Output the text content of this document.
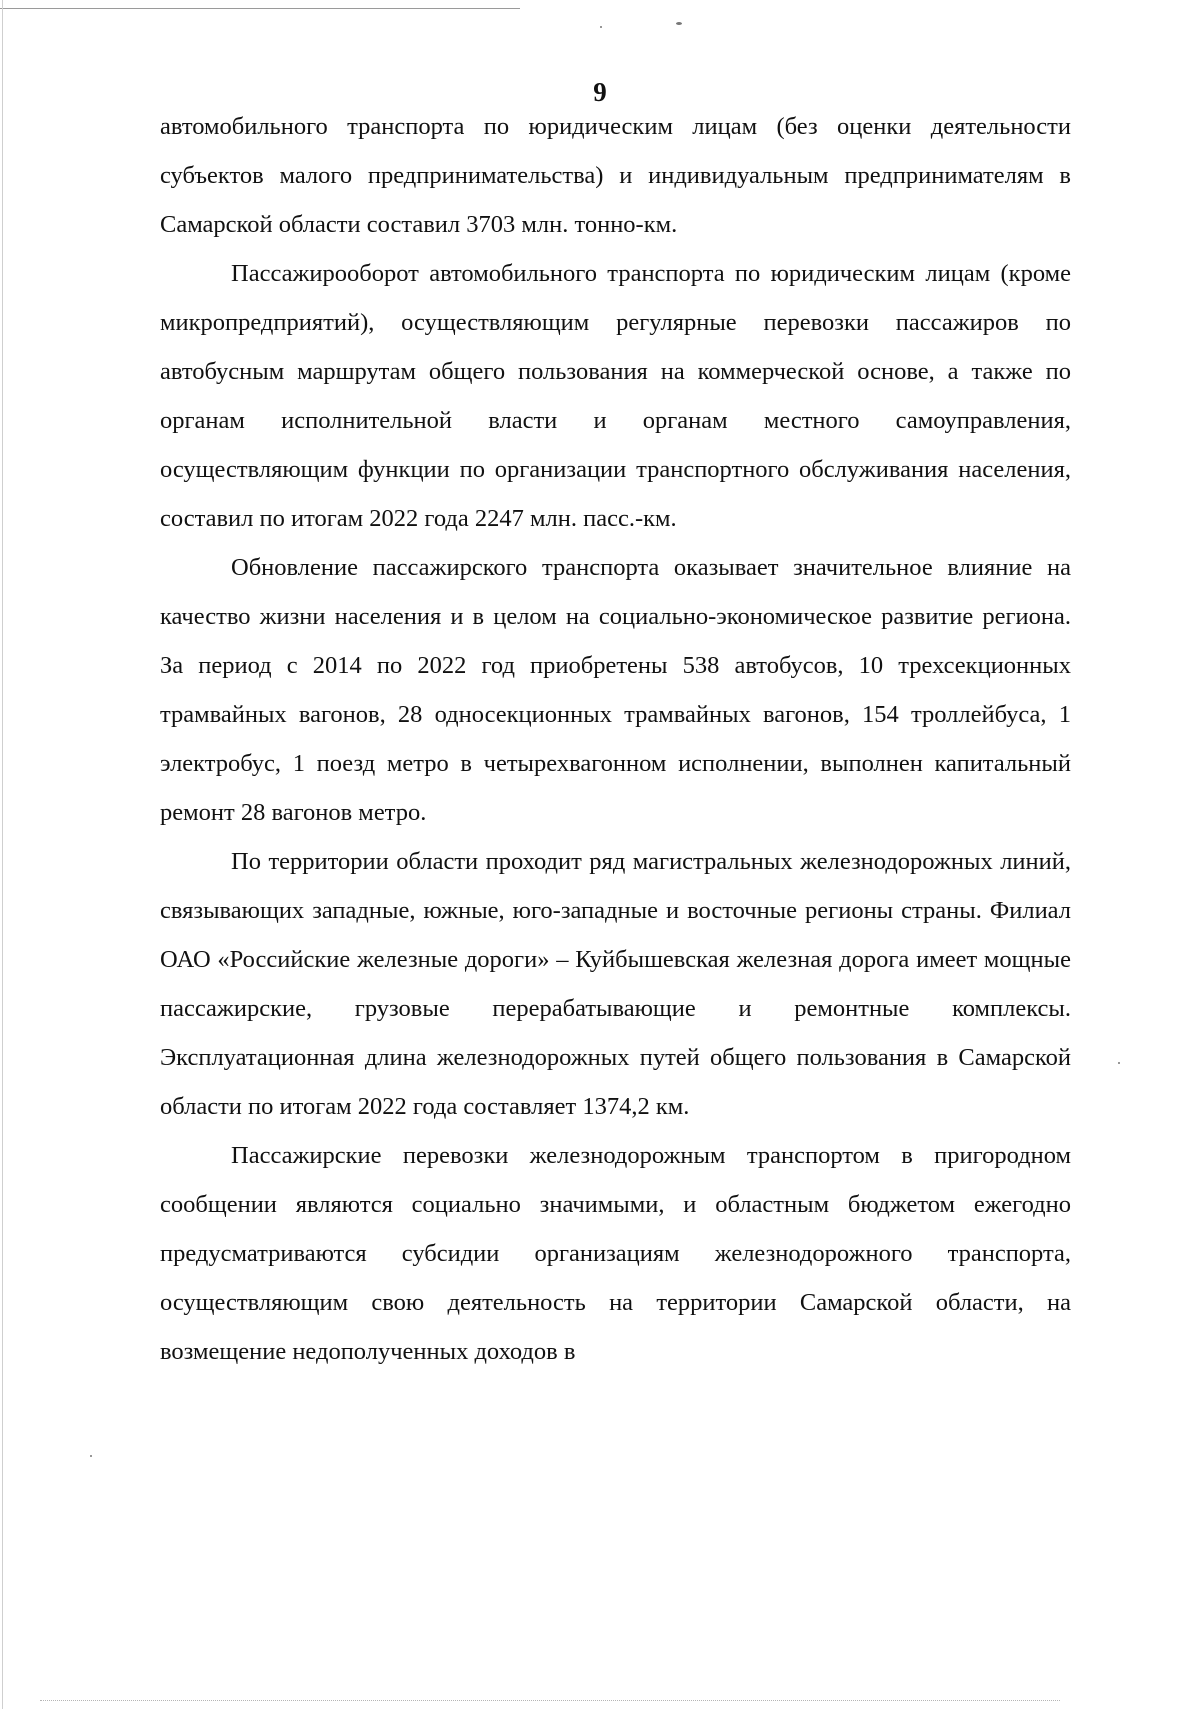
9

автомобильного транспорта по юридическим лицам (без оценки деятельности субъектов малого предпринимательства) и индивидуальным предпринимателям в Самарской области составил 3703 млн. тонно-км.

Пассажирооборот автомобильного транспорта по юридическим лицам (кроме микропредприятий), осуществляющим регулярные перевозки пассажиров по автобусным маршрутам общего пользования на коммерческой основе, а также по органам исполнительной власти и органам местного самоуправления, осуществляющим функции по организации транспортного обслуживания населения, составил по итогам 2022 года 2247 млн. пасс.-км.

Обновление пассажирского транспорта оказывает значительное влияние на качество жизни населения и в целом на социально-экономическое развитие региона. За период с 2014 по 2022 год приобретены 538 автобусов, 10 трехсекционных трамвайных вагонов, 28 односекционных трамвайных вагонов, 154 троллейбуса, 1 электробус, 1 поезд метро в четырехвагонном исполнении, выполнен капитальный ремонт 28 вагонов метро.

По территории области проходит ряд магистральных железнодорожных линий, связывающих западные, южные, юго-западные и восточные регионы страны. Филиал ОАО «Российские железные дороги» – Куйбышевская железная дорога имеет мощные пассажирские, грузовые перерабатывающие и ремонтные комплексы. Эксплуатационная длина железнодорожных путей общего пользования в Самарской области по итогам 2022 года составляет 1374,2 км.

Пассажирские перевозки железнодорожным транспортом в пригородном сообщении являются социально значимыми, и областным бюджетом ежегодно предусматриваются субсидии организациям железнодорожного транспорта, осуществляющим свою деятельность на территории Самарской области, на возмещение недополученных доходов в
